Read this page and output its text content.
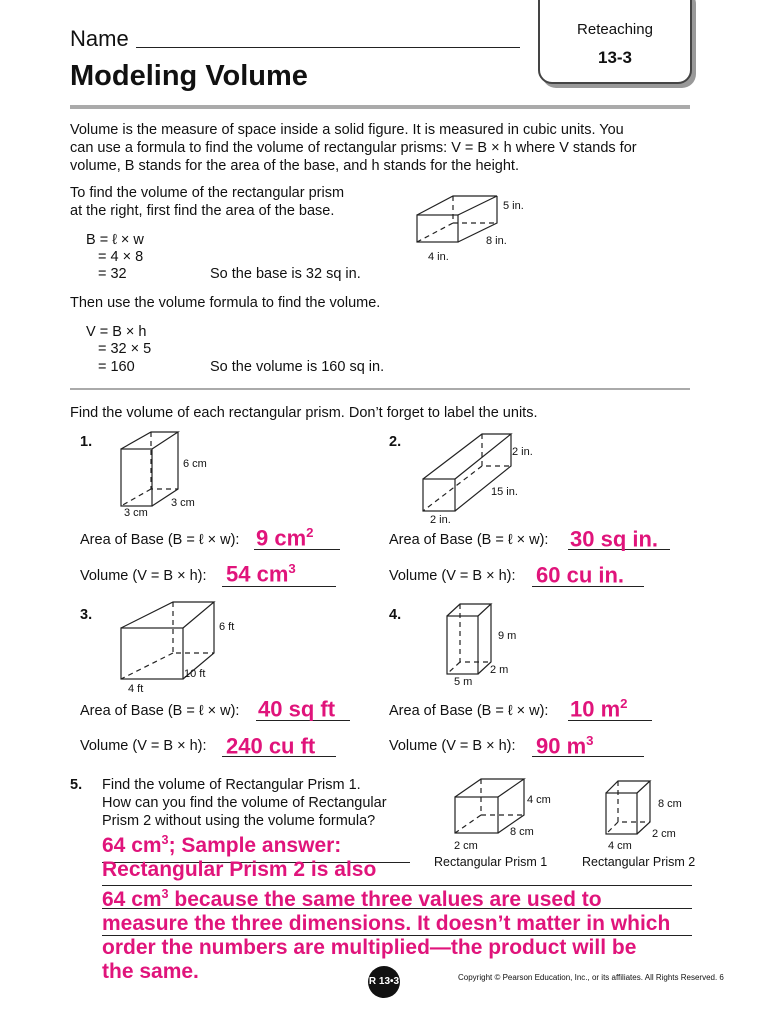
Name
Modeling Volume
Reteaching
13-3
Volume is the measure of space inside a solid figure. It is measured in cubic units. You
can use a formula to find the volume of rectangular prisms: V = B × h where V stands for
volume, B stands for the area of the base, and h stands for the height.
To find the volume of the rectangular prism
at the right, first find the area of the base.
B = ℓ × w
= 4 × 8
= 32	So the base is 32 sq in.
Then use the volume formula to find the volume.
V = B × h
= 32 × 5
= 160	So the volume is 160 sq in.
5 in.
8 in.
4 in.
Find the volume of each rectangular prism. Don’t forget to label the units.
1.
6 cm
3 cm
3 cm
Area of Base (B = ℓ × w): 9 $cm^2$
Volume (V = B × h): 54 $cm^3$
2.
2 in.
15 in.
2 in.
Area of Base (B = ℓ × w): 30 sq in.
Volume (V = B × h): 60 cu in.
3.
6 ft
10 ft
4 ft
Area of Base (B = ℓ × w): 40 sq ft
Volume (V = B × h): 240 cu ft
4.
9 m
2 m
5 m
Area of Base (B = ℓ × w): 10 $m^2$
Volume (V = B × h): 90 $m^3$
5. Find the volume of Rectangular Prism 1.
How can you find the volume of Rectangular
Prism 2 without using the volume formula?
4 cm
8 cm
2 cm
Rectangular Prism 1
8 cm
2 cm
4 cm
Rectangular Prism 2
64 $cm^3$; Sample answer:
Rectangular Prism 2 is also
64 $cm^3$ because the same three values are used to
measure the three dimensions. It doesn’t matter in which
order the numbers are multiplied—the product will be
the same.	R 13•3	Copyright © Pearson Education, Inc., or its affiliates. All Rights Reserved. 6
